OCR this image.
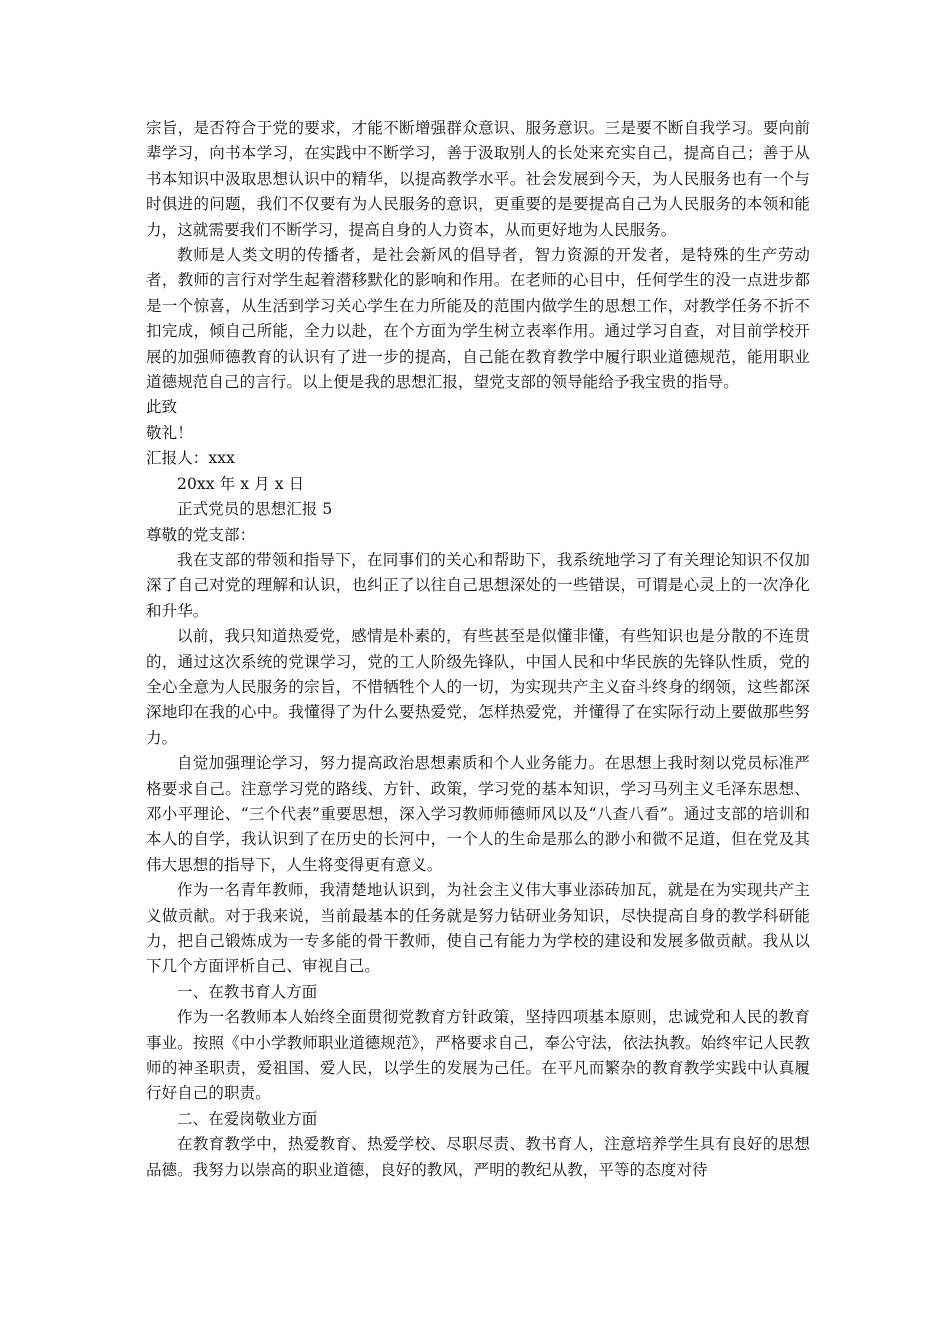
宗旨，是否符合于党的要求，才能不断增强群众意识、服务意识。三是要不断自我学习。要向前辈学习，向书本学习，在实践中不断学习，善于汲取别人的长处来充实自己，提高自己；善于从书本知识中汲取思想认识中的精华，以提高教学水平。社会发展到今天，为人民服务也有一个与时俱进的问题，我们不仅要有为人民服务的意识，更重要的是要提高自己为人民服务的本领和能力，这就需要我们不断学习，提高自身的人力资本，从而更好地为人民服务。

教师是人类文明的传播者，是社会新风的倡导者，智力资源的开发者，是特殊的生产劳动者，教师的言行对学生起着潜移默化的影响和作用。在老师的心目中，任何学生的没一点进步都是一个惊喜，从生活到学习关心学生在力所能及的范围内做学生的思想工作，对教学任务不折不扣完成，倾自己所能，全力以赴，在个方面为学生树立表率作用。通过学习自查，对目前学校开展的加强师德教育的认识有了进一步的提高，自己能在教育教学中履行职业道德规范，能用职业道德规范自己的言行。以上便是我的思想汇报，望党支部的领导能给予我宝贵的指导。

此致

敬礼！

汇报人：xxx

20xx 年 x 月 x 日

正式党员的思想汇报 5

尊敬的党支部：

我在支部的带领和指导下，在同事们的关心和帮助下，我系统地学习了有关理论知识不仅加深了自己对党的理解和认识，也纠正了以往自己思想深处的一些错误，可谓是心灵上的一次净化和升华。

以前，我只知道热爱党，感情是朴素的，有些甚至是似懂非懂，有些知识也是分散的不连贯的，通过这次系统的党课学习，党的工人阶级先锋队，中国人民和中华民族的先锋队性质，党的全心全意为人民服务的宗旨，不惜牺牲个人的一切，为实现共产主义奋斗终身的纲领，这些都深深地印在我的心中。我懂得了为什么要热爱党，怎样热爱党，并懂得了在实际行动上要做那些努力。

自觉加强理论学习，努力提高政治思想素质和个人业务能力。在思想上我时刻以党员标准严格要求自己。注意学习党的路线、方针、政策，学习党的基本知识，学习马列主义毛泽东思想、邓小平理论、“三个代表”重要思想，深入学习教师师德师风以及“八查八看”。通过支部的培训和本人的自学，我认识到了在历史的长河中，一个人的生命是那么的渺小和微不足道，但在党及其伟大思想的指导下，人生将变得更有意义。

作为一名青年教师，我清楚地认识到，为社会主义伟大事业添砖加瓦，就是在为实现共产主义做贡献。对于我来说，当前最基本的任务就是努力钻研业务知识，尽快提高自身的教学科研能力，把自己锻炼成为一专多能的骨干教师，使自己有能力为学校的建设和发展多做贡献。我从以下几个方面评析自己、审视自己。

一、在教书育人方面

作为一名教师本人始终全面贯彻党教育方针政策，坚持四项基本原则，忠诚党和人民的教育事业。按照《中小学教师职业道德规范》，严格要求自己，奉公守法，依法执教。始终牢记人民教师的神圣职责，爱祖国、爱人民，以学生的发展为己任。在平凡而繁杂的教育教学实践中认真履行好自己的职责。

二、在爱岗敬业方面

在教育教学中，热爱教育、热爱学校、尽职尽责、教书育人，注意培养学生具有良好的思想品德。我努力以崇高的职业道德，良好的教风，严明的教纪从教，平等的态度对待
